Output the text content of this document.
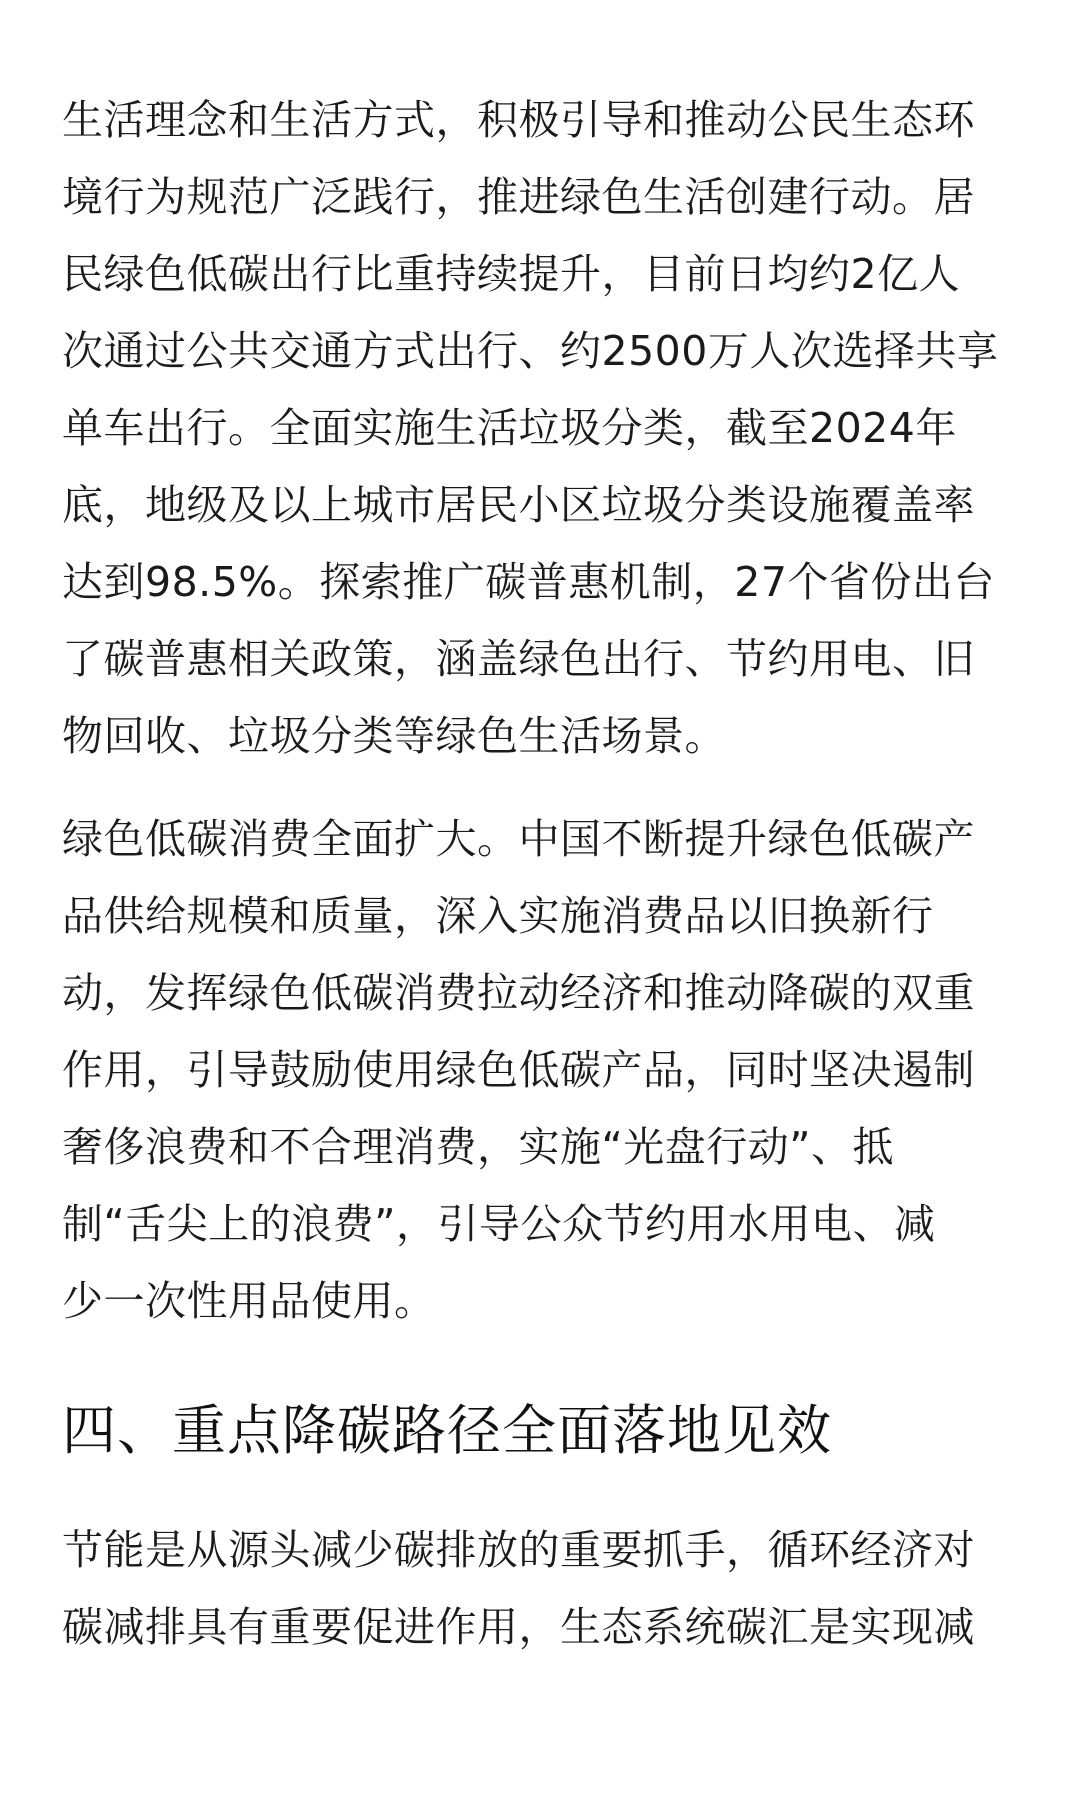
生活理念和生活方式，积极引导和推动公民生态环
境行为规范广泛践行，推进绿色生活创建行动。居
民绿色低碳出行比重持续提升，目前日均约2亿人
次通过公共交通方式出行、约2500万人次选择共享
单车出行。全面实施生活垃圾分类，截至2024年
底，地级及以上城市居民小区垃圾分类设施覆盖率
达到98.5%。探索推广碳普惠机制，27个省份出台
了碳普惠相关政策，涵盖绿色出行、节约用电、旧
物回收、垃圾分类等绿色生活场景。

绿色低碳消费全面扩大。中国不断提升绿色低碳产
品供给规模和质量，深入实施消费品以旧换新行
动，发挥绿色低碳消费拉动经济和推动降碳的双重
作用，引导鼓励使用绿色低碳产品，同时坚决遏制
奢侈浪费和不合理消费，实施“光盘行动”、抵
制“舌尖上的浪费”，引导公众节约用水用电、减
少一次性用品使用。

四、重点降碳路径全面落地见效

节能是从源头减少碳排放的重要抓手，循环经济对
碳减排具有重要促进作用，生态系统碳汇是实现减
